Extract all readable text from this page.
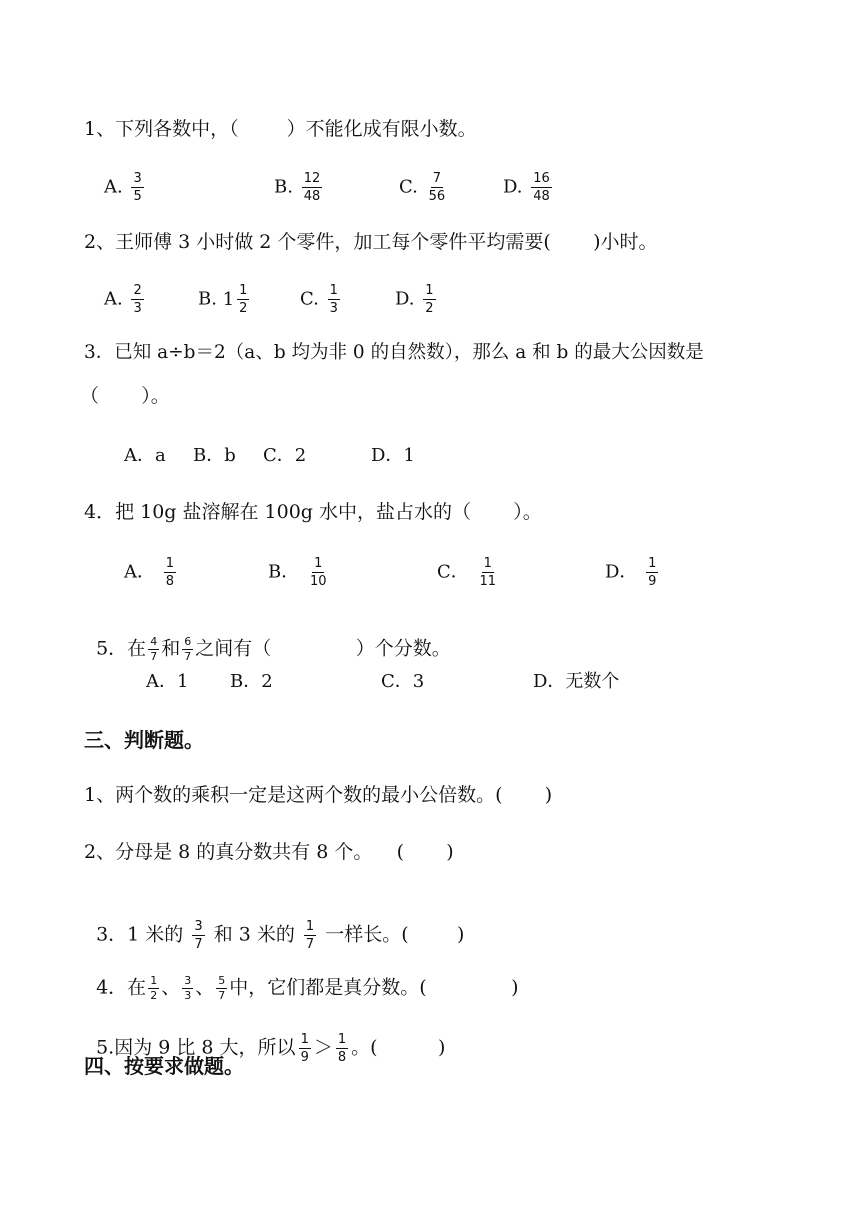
1、下列各数中，（	）不能化成有限小数。
A. $\frac{3}{5}$	B. $\frac{12}{48}$	C. $\frac{7}{56}$	D. $\frac{16}{48}$
2、王师傅 3 小时做 2 个零件，加工每个零件平均需要(       )小时。
A. $\frac{2}{3}$	B. 1 1
2	C. $\frac{1}{3}$	D. $\frac{1}{2}$
3．已知 a÷b＝2（a、b 均为非 0 的自然数），那么 a 和 b 的最大公因数是
（       ）。
A．a B．b C．2	D．1
4．把 10g 盐溶解在 100g 水中，盐占水的（       ）。
A． $\frac{1}{8}$	B． $\frac{1}{10}$	C． $\frac{1}{11}$	D． $\frac{1}{9}$

5．在 $\frac{4}{7}$ 和 $\frac{6}{7}$ 之间有（              ）个分数。

A．1 B．2	C．3	D．无数个
三、判断题。
1、两个数的乘积一定是这两个数的最小公倍数。(       )
2、分母是 8 的真分数共有 8 个。    (       )

3．1 米的 $\frac{3}{7}$ 和 3 米的 $\frac{1}{7}$ 一样长。(        )

4．在 $\frac{1}{2}$ 、 $\frac{3}{3}$ 、 $\frac{5}{7}$ 中，它们都是真分数。(              )

5.因为 9 比 8 大，所以 $\frac{1}{9} > \frac{1}{8}$ 。(          )

四、按要求做题。
